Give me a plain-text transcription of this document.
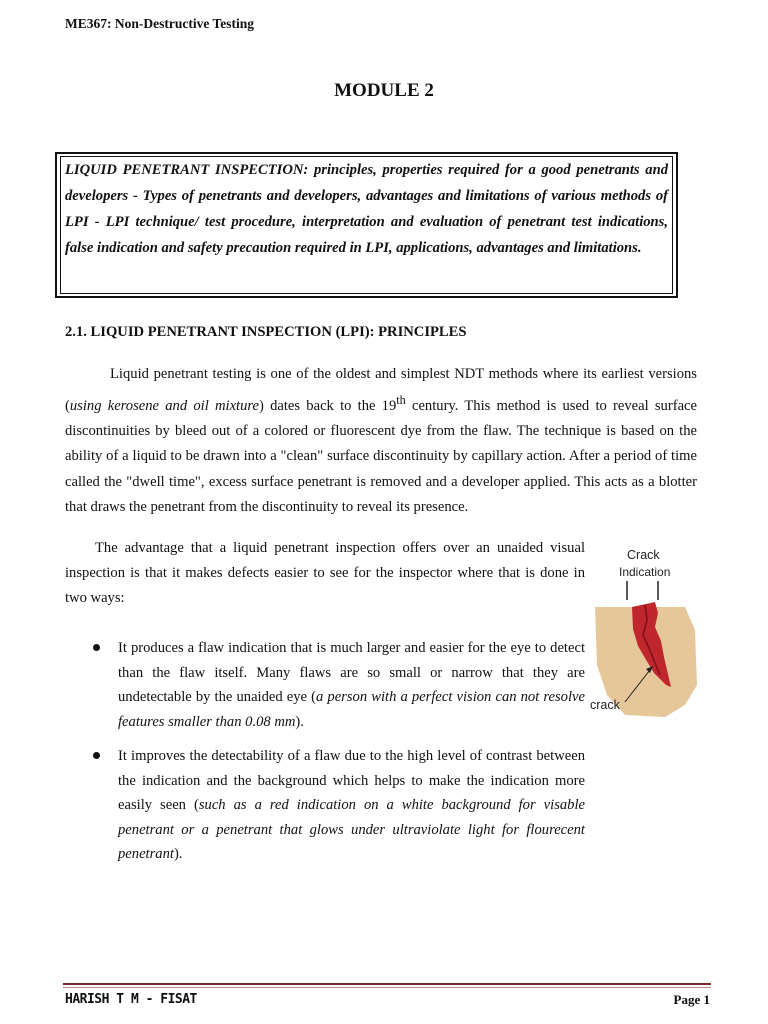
ME367: Non-Destructive Testing
MODULE 2

LIQUID PENETRANT INSPECTION: principles, properties required for a good penetrants and developers - Types of penetrants and developers, advantages and limitations of various methods of LPI - LPI technique/ test procedure, interpretation and evaluation of penetrant test indications, false indication and safety precaution required in LPI, applications, advantages and limitations.

2.1. LIQUID PENETRANT INSPECTION (LPI): PRINCIPLES

Liquid penetrant testing is one of the oldest and simplest NDT methods where its earliest versions (using kerosene and oil mixture) dates back to the 19th century. This method is used to reveal surface discontinuities by bleed out of a colored or fluorescent dye from the flaw. The technique is based on the ability of a liquid to be drawn into a "clean" surface discontinuity by capillary action. After a period of time called the "dwell time", excess surface penetrant is removed and a developer applied. This acts as a blotter that draws the penetrant from the discontinuity to reveal its presence.

The advantage that a liquid penetrant inspection offers over an unaided visual inspection is that it makes defects easier to see for the inspector where that is done in two ways:

It produces a flaw indication that is much larger and easier for the eye to detect than the flaw itself. Many flaws are so small or narrow that they are undetectable by the unaided eye (a person with a perfect vision can not resolve features smaller than 0.08 mm).
It improves the detectability of a flaw due to the high level of contrast between the indication and the background which helps to make the indication more easily seen (such as a red indication on a white background for visable penetrant or a penetrant that glows under ultraviolate light for flourecent penetrant).
Crack
Indication
crack
HARISH T M - FISAT	Page 1
